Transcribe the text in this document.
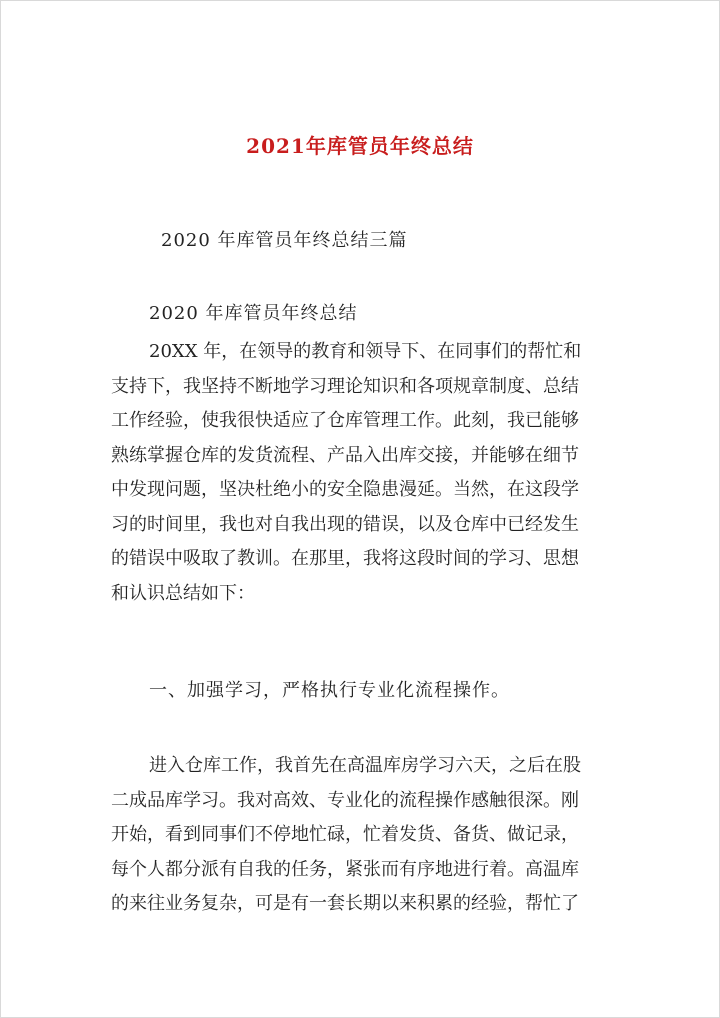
2021年库管员年终总结
2020 年库管员年终总结三篇
2020 年库管员年终总结
20XX 年，在领导的教育和领导下、在同事们的帮忙和
支持下，我坚持不断地学习理论知识和各项规章制度、总结
工作经验，使我很快适应了仓库管理工作。此刻，我已能够
熟练掌握仓库的发货流程、产品入出库交接，并能够在细节
中发现问题，坚决杜绝小的安全隐患漫延。当然，在这段学
习的时间里，我也对自我出现的错误，以及仓库中已经发生
的错误中吸取了教训。在那里，我将这段时间的学习、思想
和认识总结如下：
一、加强学习，严格执行专业化流程操作。
进入仓库工作，我首先在高温库房学习六天，之后在股
二成品库学习。我对高效、专业化的流程操作感触很深。刚
开始，看到同事们不停地忙碌，忙着发货、备货、做记录，
每个人都分派有自我的任务，紧张而有序地进行着。高温库
的来往业务复杂，可是有一套长期以来积累的经验，帮忙了
